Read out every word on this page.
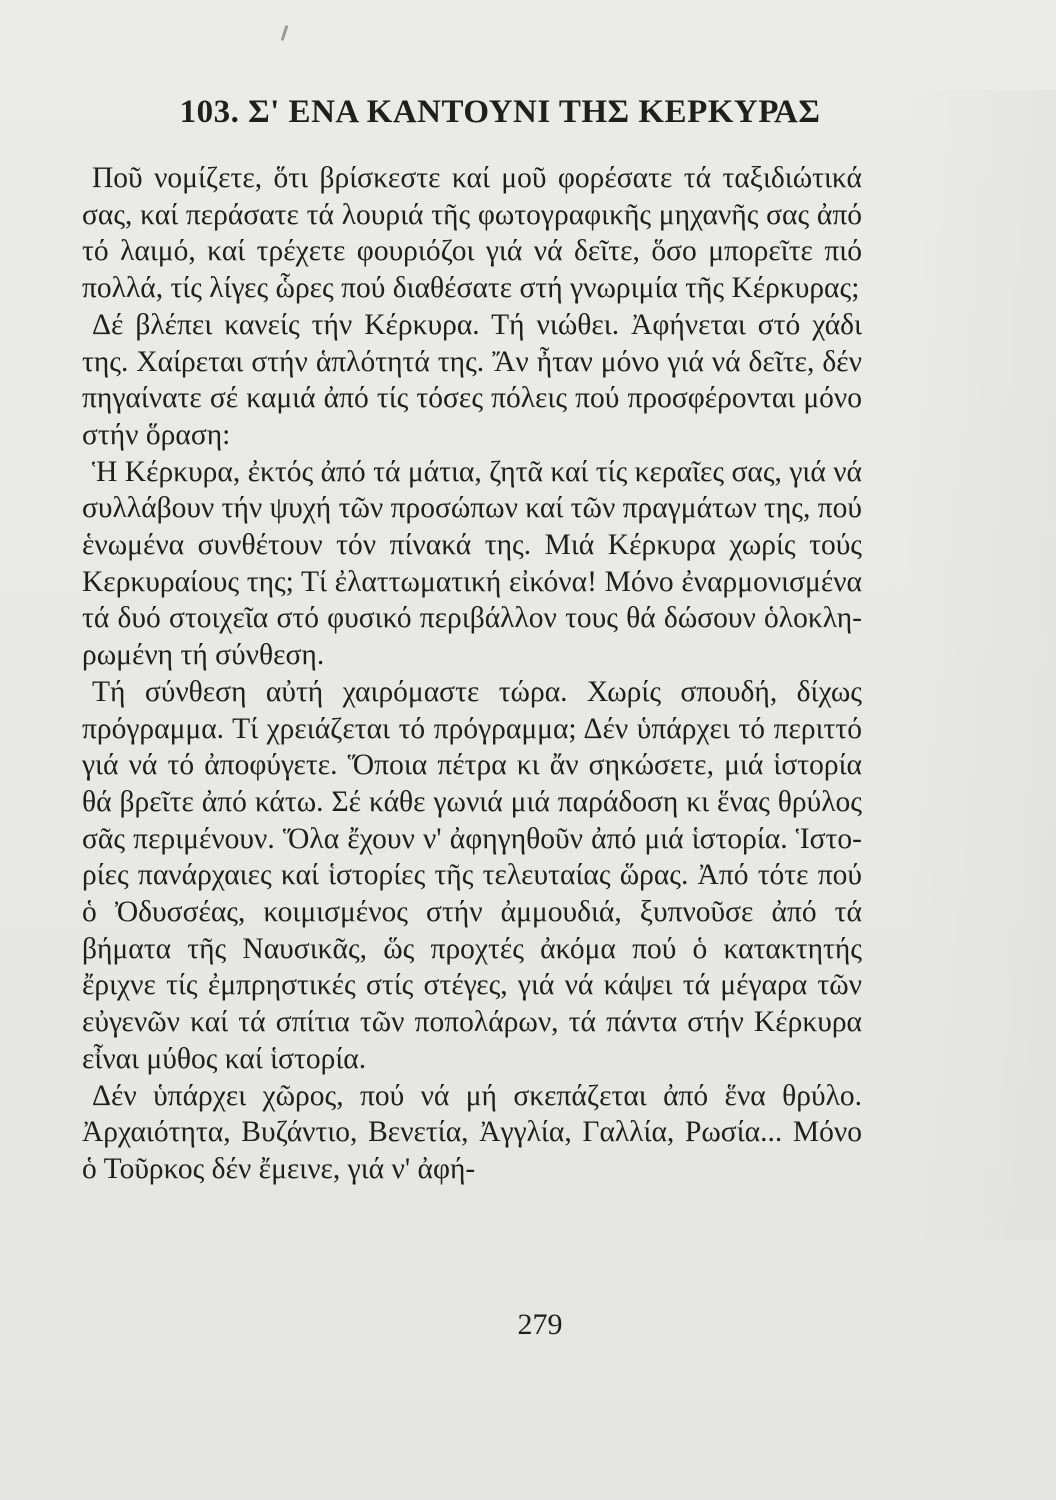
103. Σ' ΕΝΑ ΚΑΝΤΟΥΝΙ ΤΗΣ ΚΕΡΚΥΡΑΣ

Ποῦ νομίζετε, ὅτι βρίσκεστε καί μοῦ φορέσατε τά ταξιδιώτικά σας, καί περάσατε τά λουριά τῆς φωτογραφικῆς μηχανῆς σας ἀπό τό λαιμό, καί τρέχετε φουριόζοι γιά νά δεῖτε, ὅσο μπορεῖτε πιό πολλά, τίς λίγες ὧρες πού διαθέσατε στή γνωριμία τῆς Κέρκυρας;

Δέ βλέπει κανείς τήν Κέρκυρα. Τή νιώθει. Ἀφήνεται στό χάδι της. Χαίρεται στήν ἁπλότητά της. Ἄν ἦταν μόνο γιά νά δεῖτε, δέν πηγαίνατε σέ καμιά ἀπό τίς τόσες πόλεις πού προσφέρονται μόνο στήν ὅραση:

Ἡ Κέρκυρα, ἐκτός ἀπό τά μάτια, ζητᾶ καί τίς κεραῖες σας, γιά νά συλλάβουν τήν ψυχή τῶν προσώπων καί τῶν πραγμάτων της, πού ἑνωμένα συνθέτουν τόν πίνακά της. Μιά Κέρκυρα χωρίς τούς Κερκυραίους της; Τί ἐλαττωματική εἰκόνα! Μόνο ἐναρμονισμένα τά δυό στοιχεῖα στό φυσικό περιβάλλον τους θά δώσουν ὁλοκληρωμένη τή σύνθεση.

Τή σύνθεση αὐτή χαιρόμαστε τώρα. Χωρίς σπουδή, δίχως πρόγραμμα. Τί χρειάζεται τό πρόγραμμα; Δέν ὑπάρχει τό περιττό γιά νά τό ἀποφύγετε. Ὅποια πέτρα κι ἄν σηκώσετε, μιά ἱστορία θά βρεῖτε ἀπό κάτω. Σέ κάθε γωνιά μιά παράδοση κι ἕνας θρύλος σᾶς περιμένουν. Ὅλα ἔχουν ν' ἀφηγηθοῦν ἀπό μιά ἱστορία. Ἱστορίες πανάρχαιες καί ἱστορίες τῆς τελευταίας ὥρας. Ἀπό τότε πού ὁ Ὀδυσσέας, κοιμισμένος στήν ἀμμουδιά, ξυπνοῦσε ἀπό τά βήματα τῆς Ναυσικᾶς, ὥς προχτές ἀκόμα πού ὁ κατακτητής ἔριχνε τίς ἐμπρηστικές στίς στέγες, γιά νά κάψει τά μέγαρα τῶν εὐγενῶν καί τά σπίτια τῶν ποπολάρων, τά πάντα στήν Κέρκυρα εἶναι μύθος καί ἱστορία.

Δέν ὑπάρχει χῶρος, πού νά μή σκεπάζεται ἀπό ἕνα θρύλο. Ἀρχαιότητα, Βυζάντιο, Βενετία, Ἀγγλία, Γαλλία, Ρωσία... Μόνο ὁ Τοῦρκος δέν ἔμεινε, γιά ν' ἀφή-

279
